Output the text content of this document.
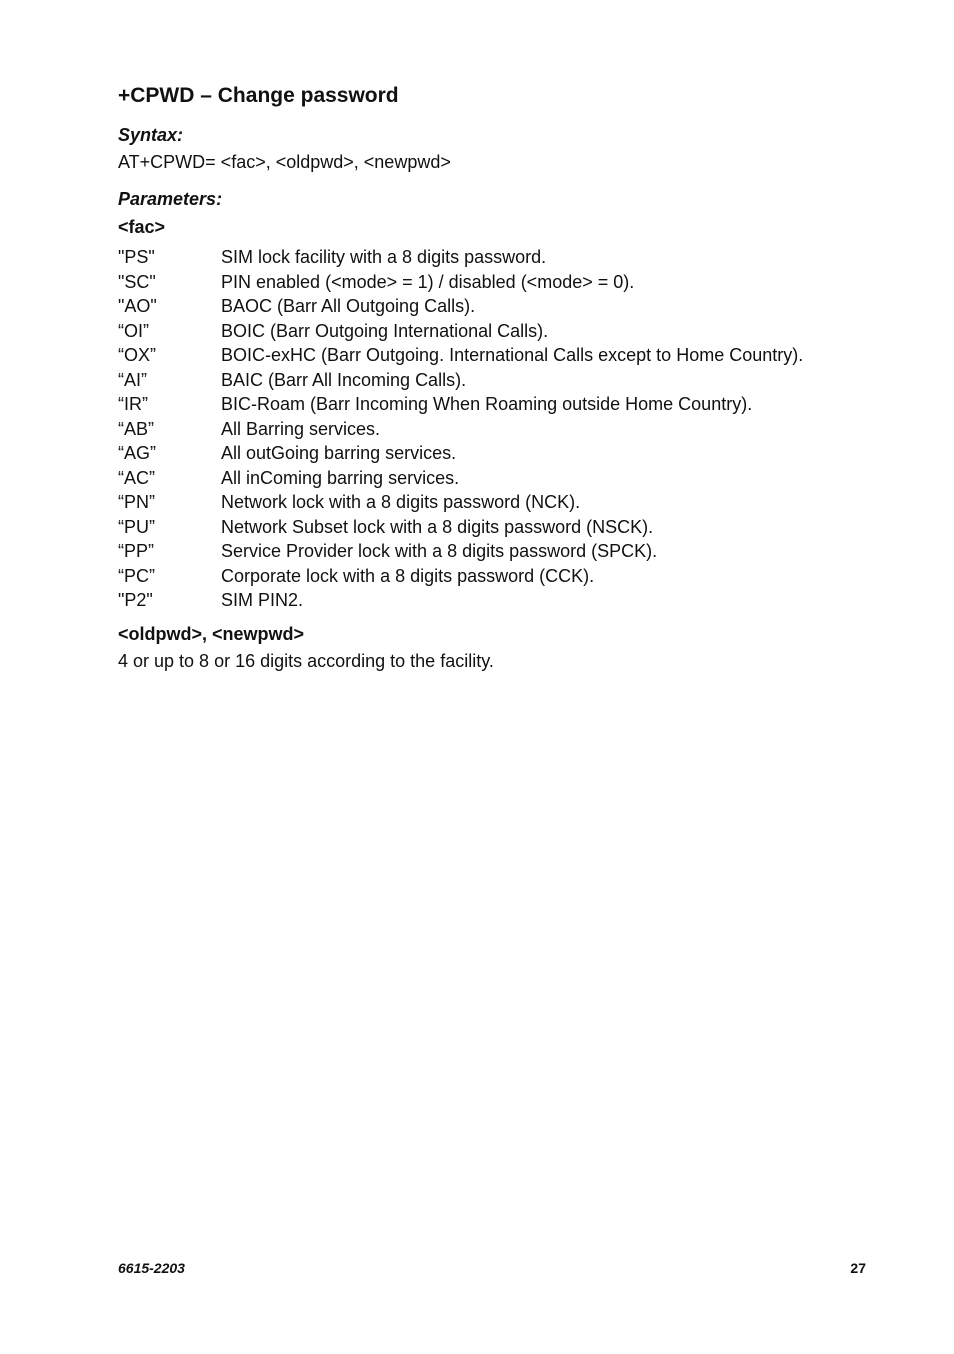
+CPWD – Change password
Syntax:
AT+CPWD= <fac>, <oldpwd>, <newpwd>
Parameters:
<fac>
"PS"	SIM lock facility with a 8 digits password.
"SC"	PIN enabled (<mode> = 1) / disabled (<mode> = 0).
"AO"	BAOC (Barr All Outgoing Calls).
“OI”	BOIC (Barr Outgoing International Calls).
“OX”	BOIC-exHC (Barr Outgoing. International Calls except to Home Country).
“AI”	BAIC (Barr All Incoming Calls).
“IR”	BIC-Roam (Barr Incoming When Roaming outside Home Country).
“AB”	All Barring services.
“AG”	All outGoing barring services.
“AC”	All inComing barring services.
“PN”	Network lock with a 8 digits password (NCK).
“PU”	Network Subset lock with a 8 digits password (NSCK).
“PP”	Service Provider lock with a 8 digits password (SPCK).
“PC”	Corporate lock with a 8 digits password (CCK).
"P2"	SIM PIN2.
<oldpwd>, <newpwd>
4 or up to 8 or 16 digits according to the facility.
6615-2203	27
